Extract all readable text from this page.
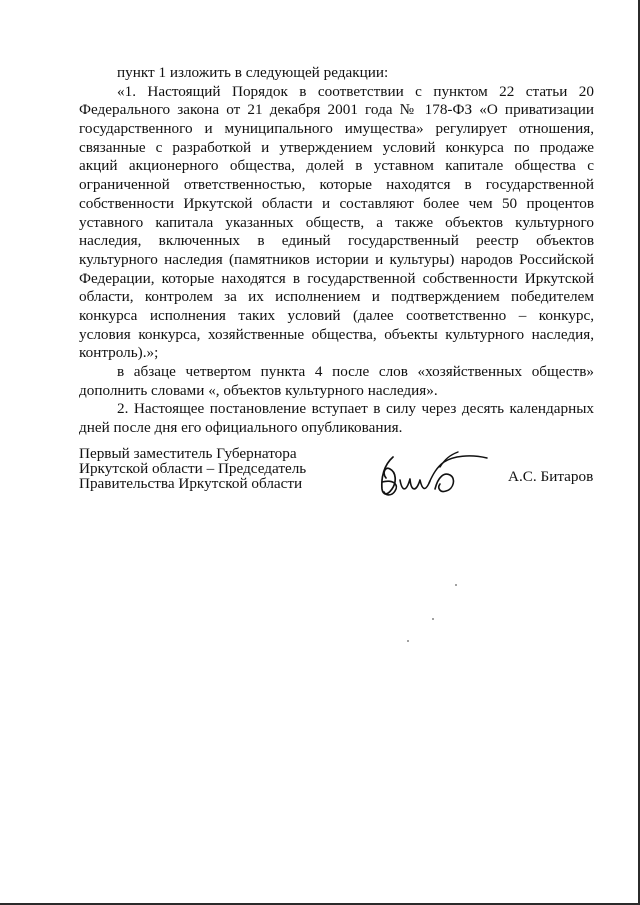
пункт 1 изложить в следующей редакции:
«1. Настоящий Порядок в соответствии с пунктом 22 статьи 20
Федерального закона от 21 декабря 2001 года № 178-ФЗ «О приватизации
государственного и муниципального имущества» регулирует отношения,
связанные с разработкой и утверждением условий конкурса по продаже
акций акционерного общества, долей в уставном капитале общества с
ограниченной ответственностью, которые находятся в государственной
собственности Иркутской области и составляют более чем 50 процентов
уставного капитала указанных обществ, а также объектов культурного
наследия, включенных в единый государственный реестр объектов
культурного наследия (памятников истории и культуры) народов Российской
Федерации, которые находятся в государственной собственности Иркутской
области, контролем за их исполнением и подтверждением победителем
конкурса исполнения таких условий (далее соответственно – конкурс,
условия конкурса, хозяйственные общества, объекты культурного наследия,
контроль).»;
в абзаце четвертом пункта 4 после слов «хозяйственных обществ»
дополнить словами «, объектов культурного наследия».
2. Настоящее постановление вступает в силу через десять календарных
дней после дня его официального опубликования.
Первый заместитель Губернатора
Иркутской области – Председатель
Правительства Иркутской области	А.С. Битаров
